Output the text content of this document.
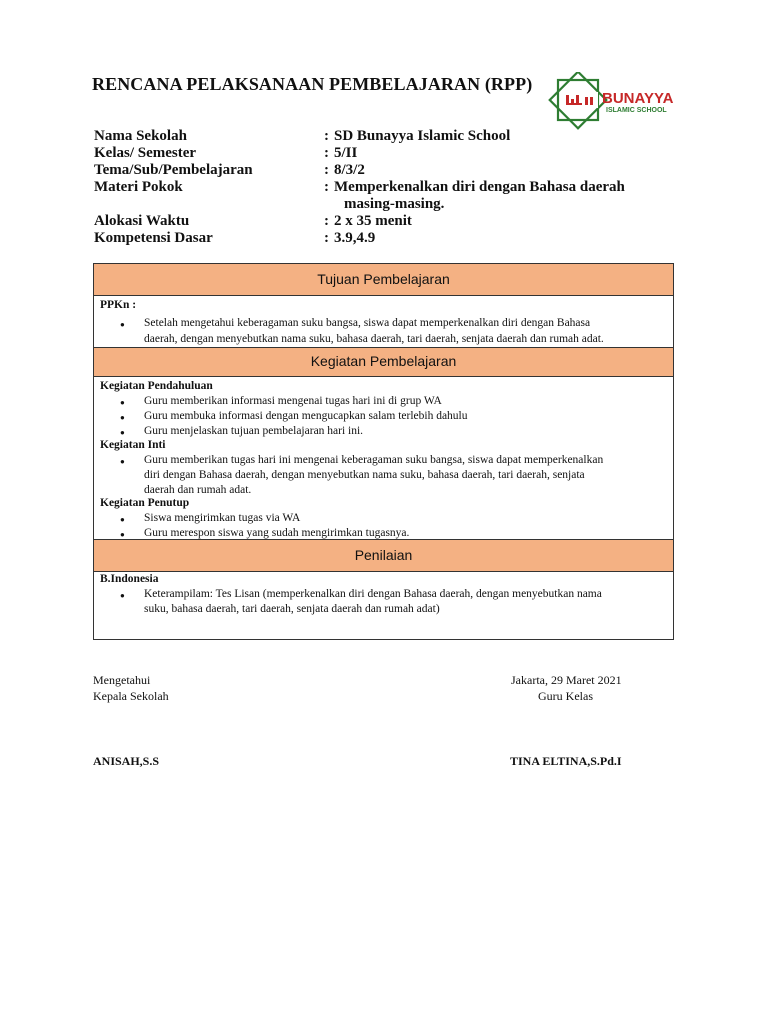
RENCANA PELAKSANAAN PEMBELAJARAN (RPP)
BUNAYYA
ISLAMIC SCHOOL
Nama Sekolah	: SD Bunayya Islamic School
Kelas/ Semester	: 5/II
Tema/Sub/Pembelajaran	: 8/3/2
Materi Pokok	: Memperkenalkan diri dengan Bahasa daerah
masing-masing.
Alokasi Waktu	: 2 x 35 menit
Kompetensi Dasar	: 3.9,4.9
Tujuan Pembelajaran
PPKn :
● Setelah mengetahui keberagaman suku bangsa, siswa dapat memperkenalkan diri dengan Bahasa
daerah, dengan menyebutkan nama suku, bahasa daerah, tari daerah, senjata daerah dan rumah adat.
Kegiatan Pembelajaran
Kegiatan Pendahuluan
● Guru memberikan informasi mengenai tugas hari ini di grup WA
● Guru membuka informasi dengan mengucapkan salam terlebih dahulu
● Guru menjelaskan tujuan pembelajaran hari ini.
Kegiatan Inti
● Guru memberikan tugas hari ini mengenai keberagaman suku bangsa, siswa dapat memperkenalkan
diri dengan Bahasa daerah, dengan menyebutkan nama suku, bahasa daerah, tari daerah, senjata
daerah dan rumah adat.
Kegiatan Penutup
● Siswa mengirimkan tugas via WA
● Guru merespon siswa yang sudah mengirimkan tugasnya.
Penilaian
B.Indonesia
● Keterampilam: Tes Lisan (memperkenalkan diri dengan Bahasa daerah, dengan menyebutkan nama
suku, bahasa daerah, tari daerah, senjata daerah dan rumah adat)
Mengetahui
Kepala Sekolah
ANISAH,S.S
Jakarta, 29 Maret 2021
Guru Kelas
TINA ELTINA,S.Pd.I
